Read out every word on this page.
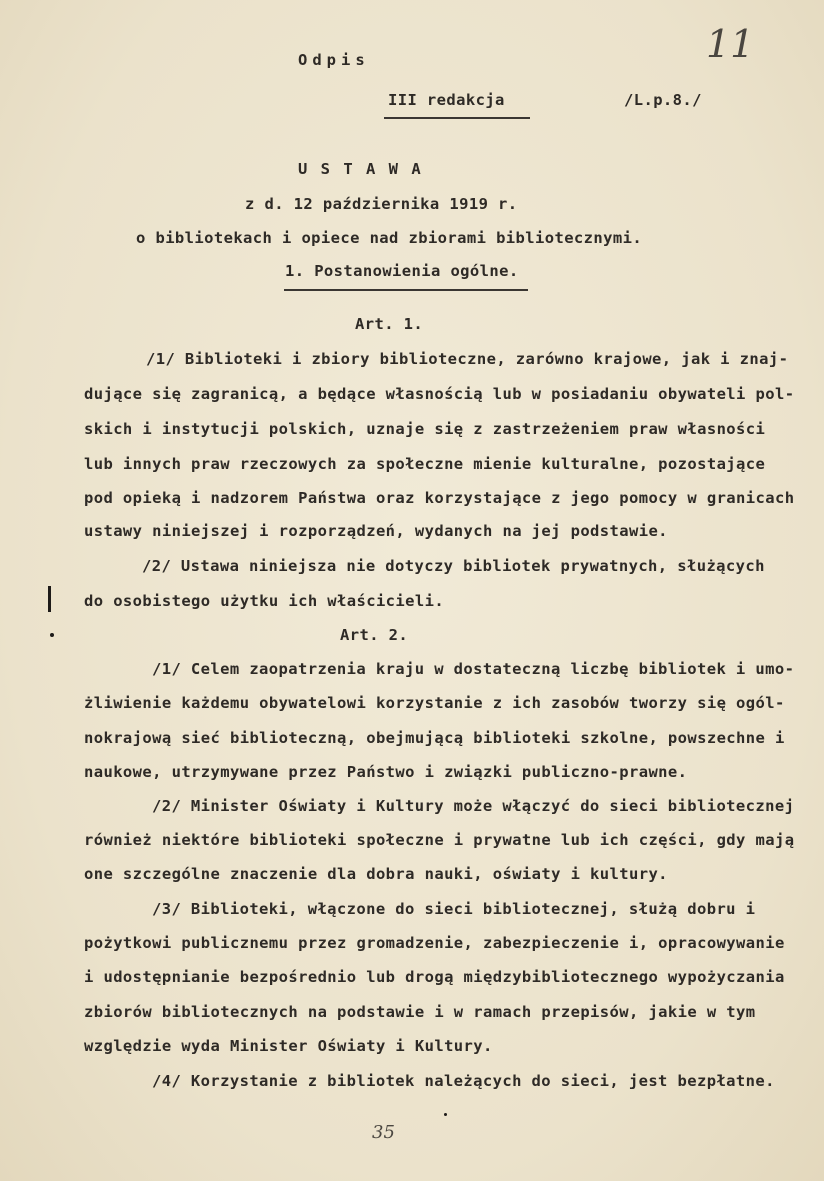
11
Odpis
III redakcja	/L.p.8./
U S T A W A
z d. 12 października 1919 r.
o bibliotekach i opiece nad zbiorami bibliotecznymi.
1. Postanowienia ogólne.
Art. 1.
/1/ Biblioteki i zbiory biblioteczne, zarówno krajowe, jak i znaj-
dujące się zagranicą, a będące własnością lub w posiadaniu obywateli pol-
skich i instytucji polskich, uznaje się z zastrzeżeniem praw własności
lub innych praw rzeczowych za społeczne mienie kulturalne, pozostające
pod opieką i nadzorem Państwa oraz korzystające z jego pomocy w granicach
ustawy niniejszej i rozporządzeń, wydanych na jej podstawie.
/2/ Ustawa niniejsza nie dotyczy bibliotek prywatnych, służących
do osobistego użytku ich właścicieli.
Art. 2.
/1/ Celem zaopatrzenia kraju w dostateczną liczbę bibliotek i umo-
żliwienie każdemu obywatelowi korzystanie z ich zasobów tworzy się ogól-
nokrajową sieć biblioteczną, obejmującą biblioteki szkolne, powszechne i
naukowe, utrzymywane przez Państwo i związki publiczno-prawne.
/2/ Minister Oświaty i Kultury może włączyć do sieci bibliotecznej
również niektóre biblioteki społeczne i prywatne lub ich części, gdy mają
one szczególne znaczenie dla dobra nauki, oświaty i kultury.
/3/ Biblioteki, włączone do sieci bibliotecznej, służą dobru i
pożytkowi publicznemu przez gromadzenie, zabezpieczenie i, opracowywanie
i udostępnianie bezpośrednio lub drogą międzybibliotecznego wypożyczania
zbiorów bibliotecznych na podstawie i w ramach przepisów, jakie w tym
względzie wyda Minister Oświaty i Kultury.
/4/ Korzystanie z bibliotek należących do sieci, jest bezpłatne.
35
